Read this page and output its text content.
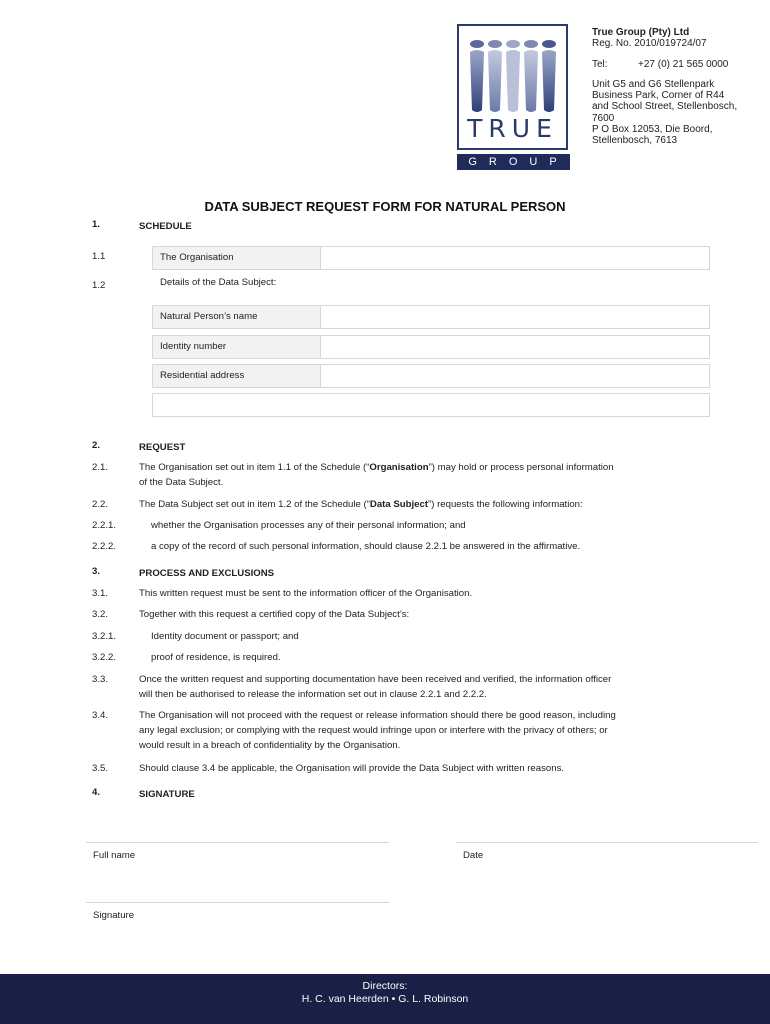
TRUE
GROUP
True Group (Pty) Ltd
Reg. No. 2010/019724/07
Tel:	+27 (0) 21 565 0000
Unit G5 and G6 Stellenpark
Business Park, Corner of R44
and School Street, Stellenbosch,
7600
P O Box 12053, Die Boord,
Stellenbosch, 7613
DATA SUBJECT REQUEST FORM FOR NATURAL PERSON
1.	SCHEDULE
1.1	The Organisation
1.2	Details of the Data Subject:
Natural Person’s name
Identity number
Residential address
2.	REQUEST
2.1.	The Organisation set out in item 1.1 of the Schedule (“Organisation”) may hold or process personal information
of the Data Subject.
2.2.	The Data Subject set out in item 1.2 of the Schedule (“Data Subject”) requests the following information:
2.2.1.	whether the Organisation processes any of their personal information; and
2.2.2.	a copy of the record of such personal information, should clause 2.2.1 be answered in the affirmative.
3.	PROCESS AND EXCLUSIONS
3.1.	This written request must be sent to the information officer of the Organisation.
3.2.	Together with this request a certified copy of the Data Subject’s:
3.2.1.	Identity document or passport; and
3.2.2.	proof of residence, is required.
3.3.	Once the written request and supporting documentation have been received and verified, the information officer
will then be authorised to release the information set out in clause 2.2.1 and 2.2.2.
3.4.	The Organisation will not proceed with the request or release information should there be good reason, including
any legal exclusion; or complying with the request would infringe upon or interfere with the privacy of others; or
would result in a breach of confidentiality by the Organisation.
3.5.	Should clause 3.4 be applicable, the Organisation will provide the Data Subject with written reasons.
4.	SIGNATURE
Full name	Date
Signature
Directors:
H. C. van Heerden • G. L. Robinson
